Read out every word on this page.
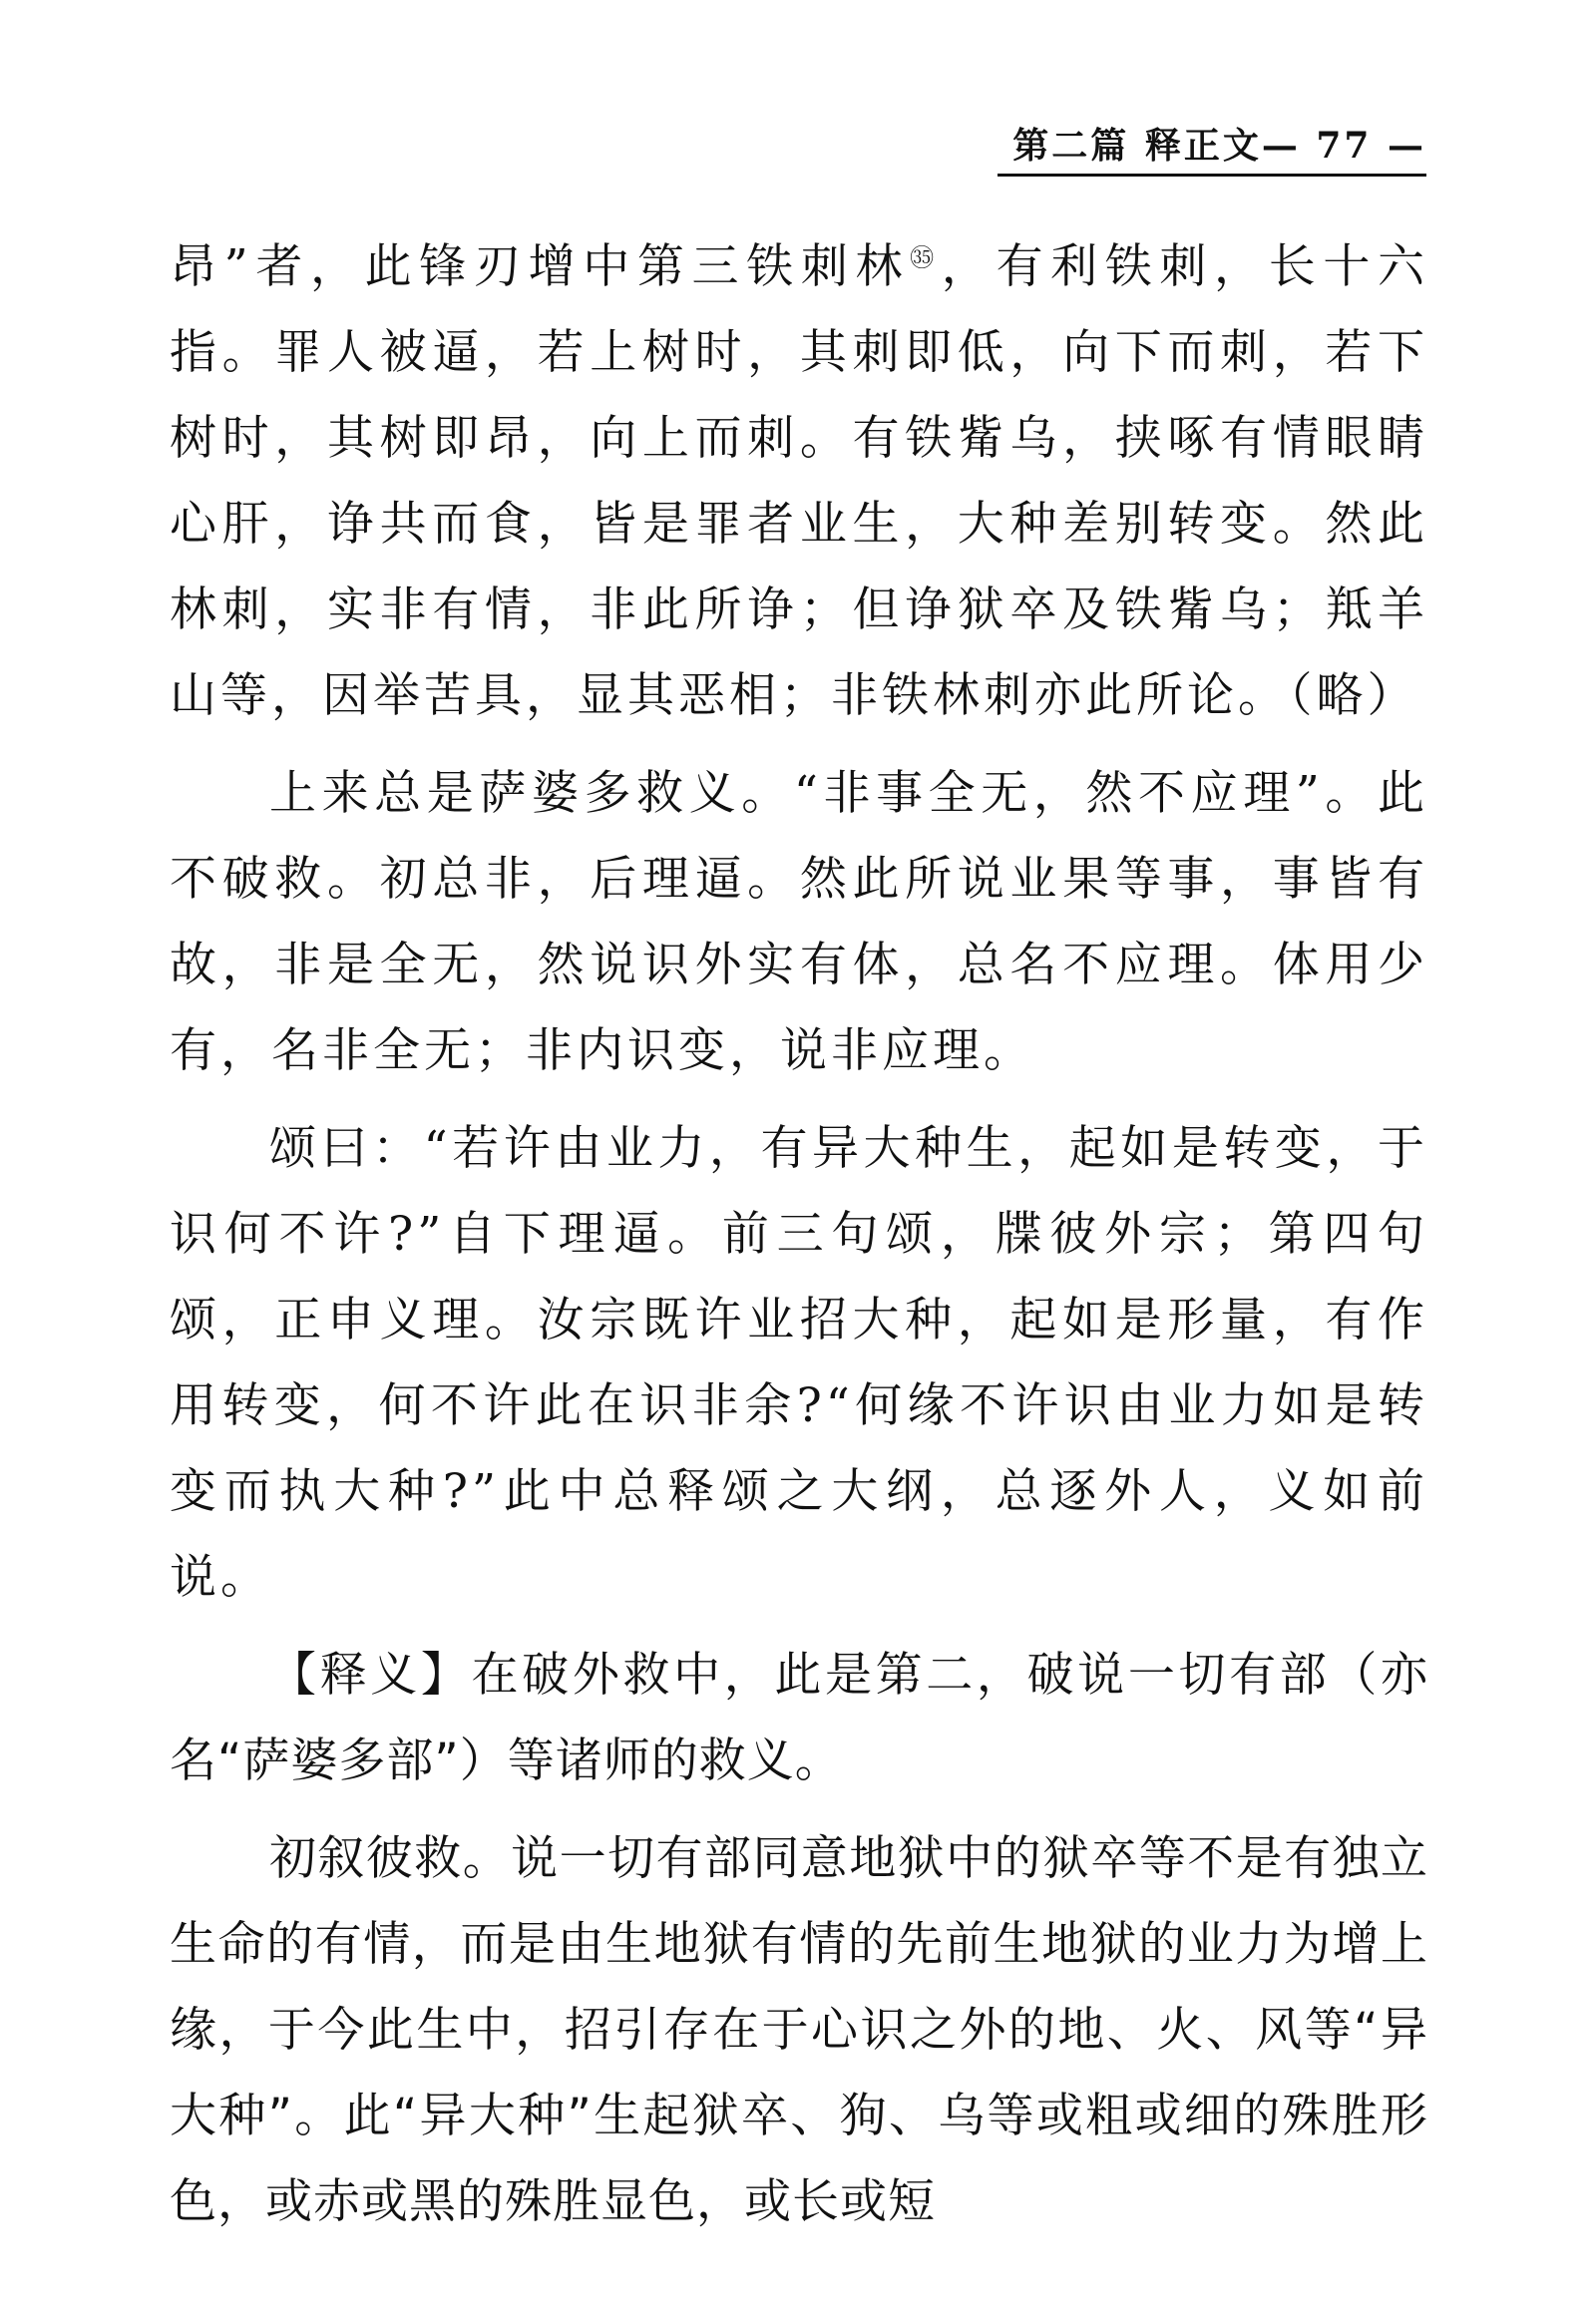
第二篇 释正文— 77 —

昂”者，此锋刃增中第三铁刺林$^㉟$，有利铁刺，长十六指。罪人被逼，若上树时，其刺即低，向下而刺，若下树时，其树即昂，向上而刺。有铁觜乌，挟啄有情眼睛心肝，诤共而食，皆是罪者业生，大种差别转变。然此林刺，实非有情，非此所诤；但诤狱卒及铁觜乌；羝羊山等，因举苦具，显其恶相；非铁林刺亦此所论。（略）

上来总是萨婆多救义。“非事全无，然不应理”。此不破救。初总非，后理逼。然此所说业果等事，事皆有故，非是全无，然说识外实有体，总名不应理。体用少有，名非全无；非内识变，说非应理。

颂曰：“若许由业力，有异大种生，起如是转变，于识何不许?”自下理逼。前三句颂，牒彼外宗；第四句颂，正申义理。汝宗既许业招大种，起如是形量，有作用转变，何不许此在识非余?“何缘不许识由业力如是转变而执大种?”此中总释颂之大纲，总逐外人，义如前说。

【释义】在破外救中，此是第二，破说一切有部（亦名“萨婆多部”）等诸师的救义。

初叙彼救。说一切有部同意地狱中的狱卒等不是有独立生命的有情，而是由生地狱有情的先前生地狱的业力为增上缘，于今此生中，招引存在于心识之外的地、火、风等“异大种”。此“异大种”生起狱卒、狗、乌等或粗或细的殊胜形色，或赤或黑的殊胜显色，或长或短
